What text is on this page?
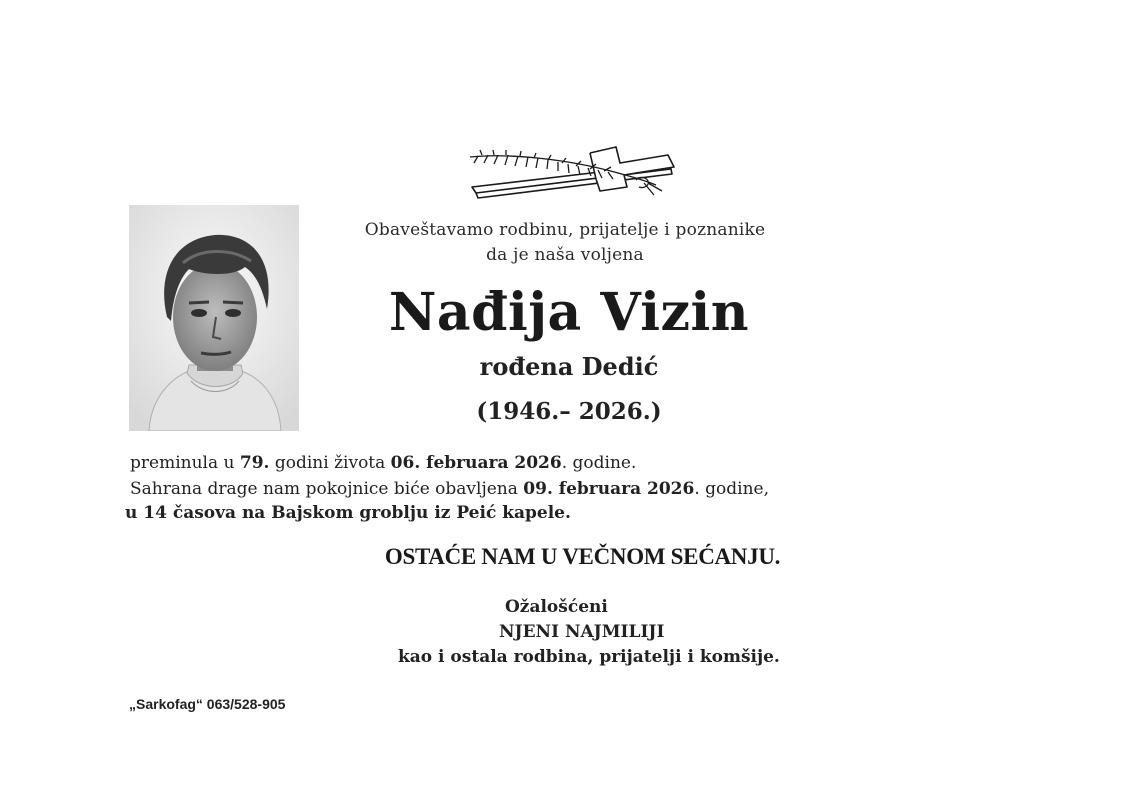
Obaveštavamo rodbinu, prijatelje i poznanike
da je naša voljena
Nađija Vizin
rođena Dedić
(1946.– 2026.)
preminula u 79. godini života 06. februara 2026. godine.
Sahrana drage nam pokojnice biće obavljena 09. februara 2026. godine,
u 14 časova na Bajskom groblju iz Peić kapele.
OSTAĆE NAM U VEČNOM SEĆANJU.
Ožalošćeni
NJENI NAJMILIJI
kao i ostala rodbina, prijatelji i komšije.
„Sarkofag“ 063/528-905
